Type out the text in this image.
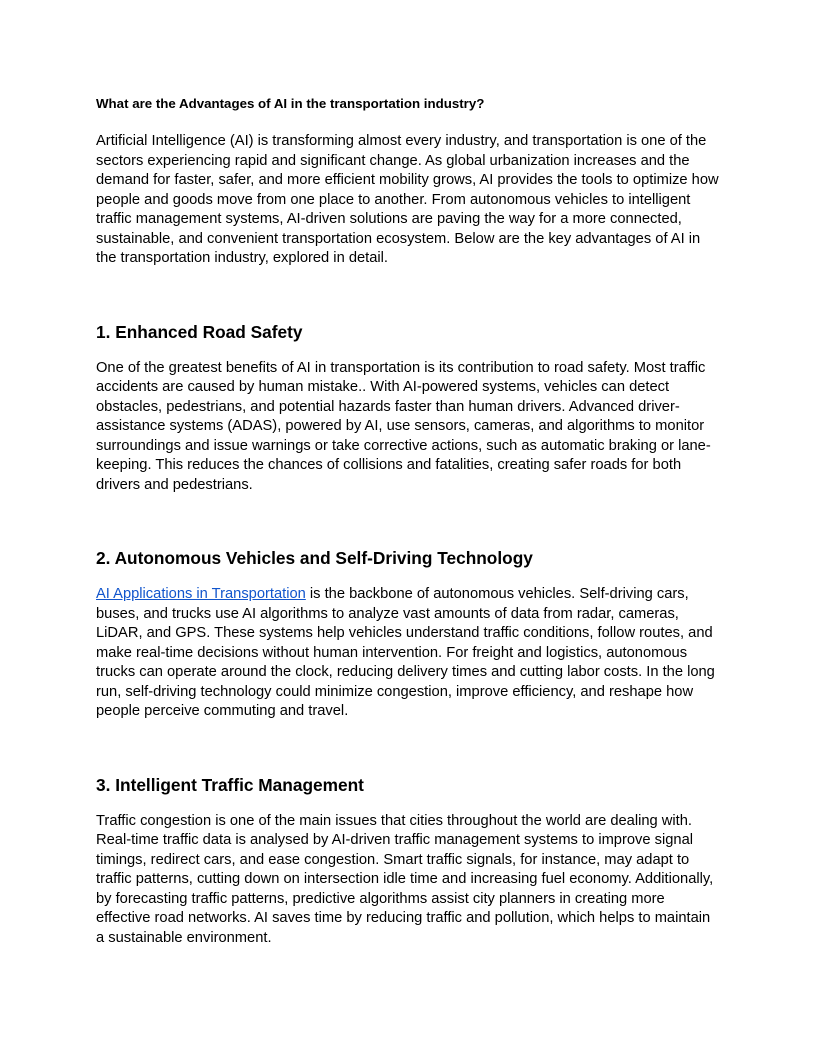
What are the Advantages of AI in the transportation industry?

Artificial Intelligence (AI) is transforming almost every industry, and transportation is one of the sectors experiencing rapid and significant change. As global urbanization increases and the demand for faster, safer, and more efficient mobility grows, AI provides the tools to optimize how people and goods move from one place to another. From autonomous vehicles to intelligent traffic management systems, AI-driven solutions are paving the way for a more connected, sustainable, and convenient transportation ecosystem. Below are the key advantages of AI in the transportation industry, explored in detail.

1. Enhanced Road Safety

One of the greatest benefits of AI in transportation is its contribution to road safety. Most traffic accidents are caused by human mistake.. With AI-powered systems, vehicles can detect obstacles, pedestrians, and potential hazards faster than human drivers. Advanced driver-assistance systems (ADAS), powered by AI, use sensors, cameras, and algorithms to monitor surroundings and issue warnings or take corrective actions, such as automatic braking or lane-keeping. This reduces the chances of collisions and fatalities, creating safer roads for both drivers and pedestrians.

2. Autonomous Vehicles and Self-Driving Technology

AI Applications in Transportation is the backbone of autonomous vehicles. Self-driving cars, buses, and trucks use AI algorithms to analyze vast amounts of data from radar, cameras, LiDAR, and GPS. These systems help vehicles understand traffic conditions, follow routes, and make real-time decisions without human intervention. For freight and logistics, autonomous trucks can operate around the clock, reducing delivery times and cutting labor costs. In the long run, self-driving technology could minimize congestion, improve efficiency, and reshape how people perceive commuting and travel.

3. Intelligent Traffic Management

Traffic congestion is one of the main issues that cities throughout the world are dealing with. Real-time traffic data is analysed by AI-driven traffic management systems to improve signal timings, redirect cars, and ease congestion. Smart traffic signals, for instance, may adapt to traffic patterns, cutting down on intersection idle time and increasing fuel economy. Additionally, by forecasting traffic patterns, predictive algorithms assist city planners in creating more effective road networks. AI saves time by reducing traffic and pollution, which helps to maintain a sustainable environment.
